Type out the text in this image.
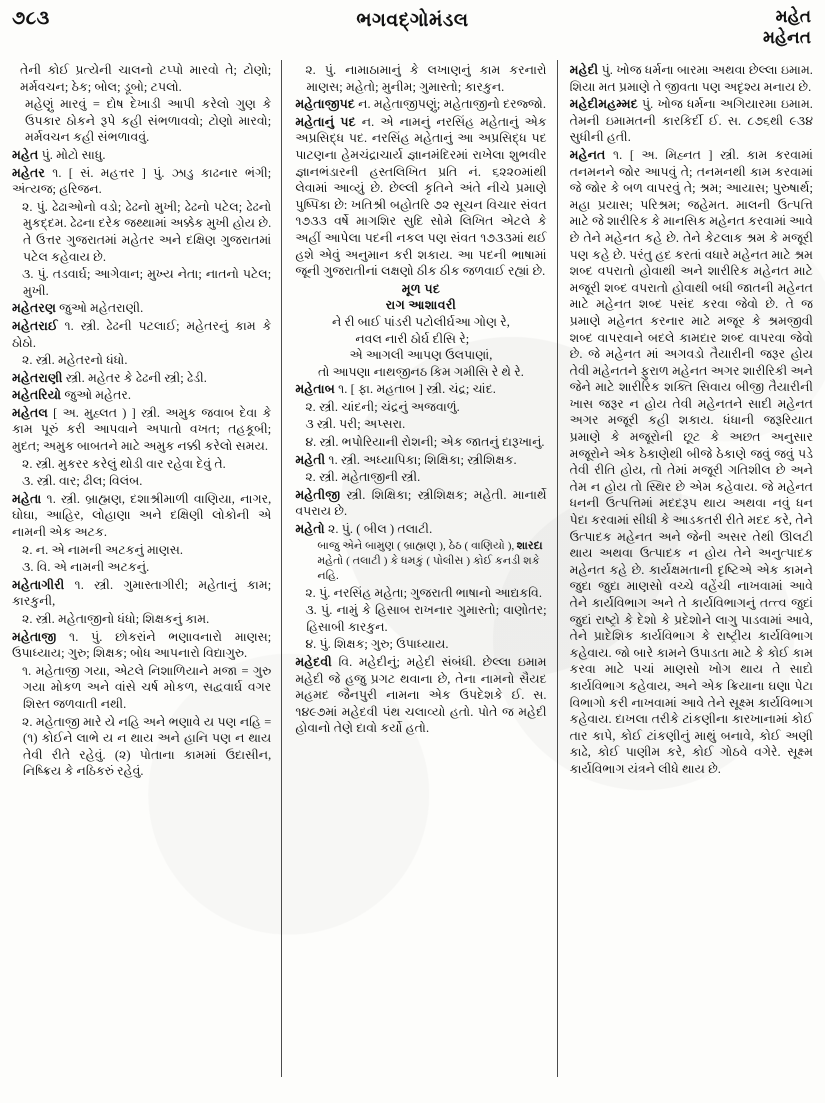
૭૮૩	ભગવદ્ગોમંડલ	મહેત
મહેનત
તેની કોઈ પ્રત્યેની ચાલનો ટપ્પો મારવો તે; ટોણો; મર્મવચન; ઠેક; બોલ; ડૂબો; ટપલો.
મહેણું મારવું = દોષ દેખાડી આપી કરેલો ગુણ કે ઉપકાર ઠોકને રૂપે કહી સંભળાવવો; ટોણો મારવો; મર્મવચન કહી સંભળાવવું.
મહેત પું. મોટો સાધુ.
મહેતર ૧. [ સં. મહત્તર ] પું. ઝાડુ કાઢનાર ભંગી; અંત્યજ; હરિજન.
૨. પું. ઢેઢાઓનો વડો; ઢેઢનો મુખી; ઢેઢનો પટેલ; ઢેઢનો મુકદ્દમ. ઢેઢના દરેક જથ્થામાં અક્કેક મુખી હોય છે. તે ઉત્તર ગુજરાતમાં મહેતર અને દક્ષિણ ગુજરાતમાં પટેલ કહેવાય છે.
૩. પું. તડવાર્ઘ; આગેવાન; મુખ્ય નેતા; નાતનો પટેલ; મુખી.
મહેતરણ જુઓ મહેતરાણી.
મહેતરાઈ ૧. સ્ત્રી. ઢેઢની પટલાઈ; મહેતરનું કામ કે ઠોઠો.
૨. સ્ત્રી. મહેતરનો ધંધો.
મહેતરાણી સ્ત્રી. મહેતર કે ઢેઢની સ્ત્રી; ઢેડી.
મહેતરિયો જુઓ મહેતર.
મહેતલ [ અ. મુહ્લત ) ] સ્ત્રી. અમુક જવાબ દેવા કે કામ પૂરું કરી આપવાને અપાતો વખત; તહકૂબી; મુદત; અમુક બાબતને માટે અમુક નક્કી કરેલો સમય.
૨. સ્ત્રી. મુકરર કરેલું થોડી વાર રહેવા દેવું તે.
૩. સ્ત્રી. વાર; ઢીલ; વિલંબ.
મહેતા ૧. સ્ત્રી. બ્રાહ્મણ, દશાશ્રીમાળી વાણિયા, નાગર, ઘોઘા, આહિર, લોહાણા અને દક્ષિણી લોકોની એ નામની એક અટક.
૨. ન. એ નામની અટકનું માણસ.
૩. વિ. એ નામની અટકનું.
મહેતાગીરી ૧. સ્ત્રી. ગુમાસ્તાગીરી; મહેતાનું કામ; કારકુની,
૨. સ્ત્રી. મહેતાજીનો ધંધો; શિક્ષકનું કામ.
મહેતાજી ૧. પું. છોકરાંને ભણાવનારો માણસ; ઉપાધ્યાય; ગુરુ; શિક્ષક; બોધ આપનારો વિદ્યાગુરુ.
૧. મહેતાજી ગયા, એટલે નિશાળિયાને મજા = ગુરુ ગયા મોકળ અને વાંસે ચર્ષ મોકળ, સદ્વવાર્ઘ વગર શિસ્ત જળવાતી નથી.
૨. મહેતાજી મારે યે નહિ અને ભણાવે ય પણ નહિ = (૧) કોઈને લાભે ય ન થાય અને હાનિ પણ ન થાય તેવી રીતે રહેવું. (૨) પોતાના કામમાં ઉદાસીન, નિષ્ક્રિય કે નઠિકરું રહેવું.
૨. પું. નામાઠામાનું કે લખાણનું કામ કરનારો માણસ; મહેતો; મુનીમ; ગુમાસ્તો; કારકુન.
મહેતાજીપદ ન. મહેતાજીપણું; મહેતાજીનો દરજ્જો.
મહેતાનું પદ ન. એ નામનું નરસિંહ મહેતાનું એક અપ્રસિદ્ધ પદ. નરસિંહ મહેતાનું આ અપ્રસિદ્ધ પદ પાટણના હેમચંદ્રાચાર્ય જ્ઞાનમંદિરમાં રાખેલા શુભવીર જ્ઞાનભંડારની હસ્તલિખિત પ્રતિ નં. ૬૨૨૦માંથી લેવામાં આવ્યું છે. છેલ્લી કૃતિને અંતે નીચે પ્રમાણે પુષ્પિકા છે: ખતિશ્રી બહોતરિ ૭૨ સૂચન વિચાર સંવત ૧૭૩૩ વર્ષે માગશિર સુદિ સોમે લિખિત એટલે કે અહીં આપેલા પદની નકલ પણ સંવત ૧૭૩૩માં થઈ હશે એવું અનુમાન કરી શકાય. આ પદની ભાષામાં જૂની ગુજરાતીનાં લક્ષણો ઠીક ઠીક જળવાઈ રહ્યાં છે.
મૂળ પદ
રાગ આશાવરી
ને રી બાઈ પાંડરી પટોલીર્ઘઆ ગોણ રે,
નવલ નારી ઠોર્ઘ દીસિ રે;
એ આગલી આપણ ઉલપાણાં,
તો આપણા નાથજીનઠ કિમ ગમીસિ રે થે રે.
મહેતાબ ૧. [ ફા. મહતાબ ] સ્ત્રી. ચંદ્ર; ચાંદ.
૨. સ્ત્રી. ચાંદની; ચંદ્રનું અજવાળું.
૩ સ્ત્રી. પરી; અપ્સરા.
૪. સ્ત્રી. ભપોરિયાની રોશની; એક જાતનું દારૂખાનું.
મહેતી ૧. સ્ત્રી. અધ્યાપિકા; શિક્ષિકા; સ્ત્રીશિક્ષક.
૨. સ્ત્રી. મહેતાજીની સ્ત્રી.
મહેતીજી સ્ત્રી. શિક્ષિકા; સ્ત્રીશિક્ષક; મહેતી. માનાર્થે વપરાય છે.
મહેતો ૨. પું. ( બીલ ) તલાટી.
શારદા
બાજુ એને બામુણ ( બ્રાહ્મણ ), ઠેઠ ( વાણિયો ), મહેતો ( તલાટી ) કે ધમકું ( પોલીસ ) કોઈ કનડી શકે નહિ.
૨. પું. નરસિંહ મહેતા; ગુજરાતી ભાષાનો આદ્યકવિ.
૩. પું. નામું કે હિસાબ રાખનાર ગુમાસ્તો; વાણોતર; હિસાબી કારકુન.
૪. પું. શિક્ષક; ગુરુ; ઉપાધ્યાય.
મહેદવી વિ. મહેદીનું; મહેદી સંબંધી. છેલ્લા ઇમામ મહેદી જે હજુ પ્રગટ થવાના છે, તેના નામનો સૈયદ મહમદ જૈનપુરી નામના એક ઉપદેશકે ઈ. સ. ૧૪૯૭માં મહેદવી પંથ ચલાવ્યો હતો. પોતે જ મહેદી હોવાનો તેણે દાવો કર્યો હતો.
મહેદી પું. ખોજ ધર્મના બારમા અથવા છેલ્લા ઇમામ. શિયા મત પ્રમાણે તે જીવતા પણ અદૃશ્ય મનાય છે.
મહેદીમહમ્મદ પું. ખોજ ધર્મના અગિયારમા ઇમામ. તેમની ઇમામતની કારકિર્દી ઈ. સ. ૮૭૬થી ૯૩૪ સુધીની હતી.
મહેનત ૧. [ અ. મિહ્નત ] સ્ત્રી. કામ કરવામાં તનમનને જોર આપવું તે; તનમનથી કામ કરવામાં જે જોર કે બળ વાપરવું તે; શ્રમ; આયાસ; પુરુષાર્થ; મહા પ્રયાસ; પરિશ્રમ; જહેમત. માલની ઉત્પત્તિ માટે જે શારીરિક કે માનસિક મહેનત કરવામાં આવે છે તેને મહેનત કહે છે. તેને કેટલાક શ્રમ કે મજૂરી પણ કહે છે. પરંતુ હદ કરતાં વધારે મહેનત માટે શ્રમ શબ્દ વપરાતો હોવાથી અને શારીરિક મહેનત માટે મજૂરી શબ્દ વપરાતો હોવાથી બધી જાતની મહેનત માટે મહેનત શબ્દ પસંદ કરવા જેવો છે. તે જ પ્રમાણે મહેનત કરનાર માટે મજૂર કે શ્રમજીવી શબ્દ વાપરવાને બદલે કામદાર શબ્દ વાપરવા જેવો છે. જે મહેનત માં અગવડો તૈયારીની જરૂર હોય તેવી મહેનતને ફુરાળ મહેનત અગર શારીરિકી અને જેને માટે શારીરિક શક્તિ સિવાય બીજી તૈયારીની ખાસ જરૂર ન હોય તેવી મહેનતને સાદી મહેનત અગર મજૂરી કહી શકાય. ધંધાની જરૂરિયાત પ્રમાણે કે મજૂરોની છૂટ કે અછત અનુસાર મજૂરોને એક ઠેકાણેથી બીજે ઠેકાણે જવું જવું પડે તેવી રીતિ હોય, તો તેમાં મજૂરી ગતિશીલ છે અને તેમ ન હોય તો સ્થિર છે એમ કહેવાય. જે મહેનત ધનની ઉત્પત્તિમાં મદદરૂપ થાય અથવા નવું ધન પેદા કરવામાં સીધી કે આડકતરી રીતે મદદ કરે, તેને ઉત્પાદક મહેનત અને જેની અસર તેથી ઊલટી થાય અથવા ઉત્પાદક ન હોય તેને અનુત્પાદક મહેનત કહે છે. કાર્યક્ષમતાની દૃષ્ટિએ એક કામને જુદા જુદા માણસો વચ્ચે વહેંચી નાખવામાં આવે તેને કાર્યવિભાગ અને તે કાર્યવિભાગનું તત્ત્વ જુદાં જુદાં રાષ્ટ્રો કે દેશો કે પ્રદેશોને લાગુ પાડવામાં આવે, તેને પ્રાદેશિક કાર્યવિભાગ કે રાષ્ટ્રીય કાર્યવિભાગ કહેવાય. જો બારે કામને ઉપાડતા માટે કે કોઈ કામ કરવા માટે પચાં માણસો ખોગ થાય તે સાદો કાર્યવિભાગ કહેવાય, અને એક ક્રિયાના ઘણા પેટા વિભાગો કરી નાખવામાં આવે તેને સૂક્ષ્મ કાર્યવિભાગ કહેવાય. દાખલા તરીકે ટાંકણીના કારખાનામાં કોઈ તાર કાપે, કોઈ ટાંકણીનું માથું બનાવે, કોઈ અણી કાઢે, કોઈ પાણીમ કરે, કોઈ ગોઠવે વગેરે. સૂક્ષ્મ કાર્યવિભાગ યંત્રને લીધે થાય છે.
